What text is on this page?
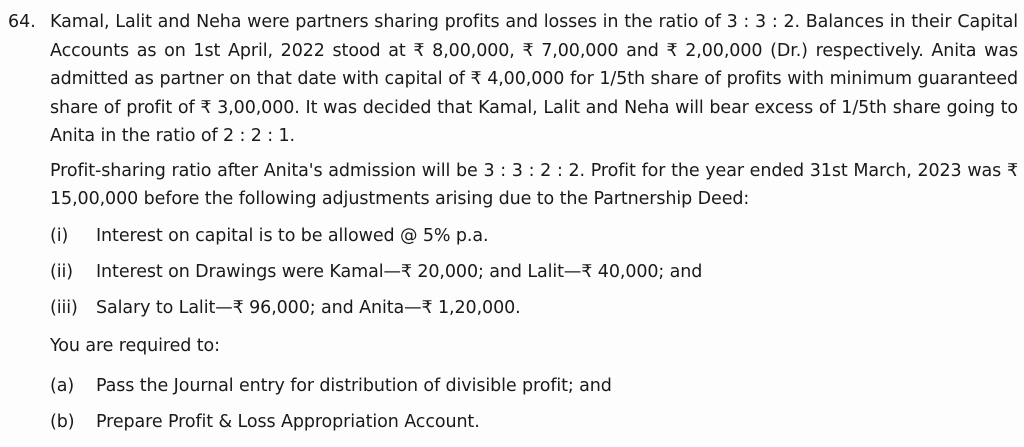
64. Kamal, Lalit and Neha were partners sharing profits and losses in the ratio of 3 : 3 : 2. Balances in their Capital Accounts as on 1st April, 2022 stood at ₹ 8,00,000, ₹ 7,00,000 and ₹ 2,00,000 (Dr.) respectively. Anita was admitted as partner on that date with capital of ₹ 4,00,000 for 1/5th share of profits with minimum guaranteed share of profit of ₹ 3,00,000. It was decided that Kamal, Lalit and Neha will bear excess of 1/5th share going to Anita in the ratio of 2 : 2 : 1.

Profit-sharing ratio after Anita's admission will be 3 : 3 : 2 : 2. Profit for the year ended 31st March, 2023 was ₹ 15,00,000 before the following adjustments arising due to the Partnership Deed:

(i)	Interest on capital is to be allowed @ 5% p.a.
(ii)	Interest on Drawings were Kamal—₹ 20,000; and Lalit—₹ 40,000; and
(iii)	Salary to Lalit—₹ 96,000; and Anita—₹ 1,20,000.

You are required to:

(a)	Pass the Journal entry for distribution of divisible profit; and
(b)	Prepare Profit & Loss Appropriation Account.
